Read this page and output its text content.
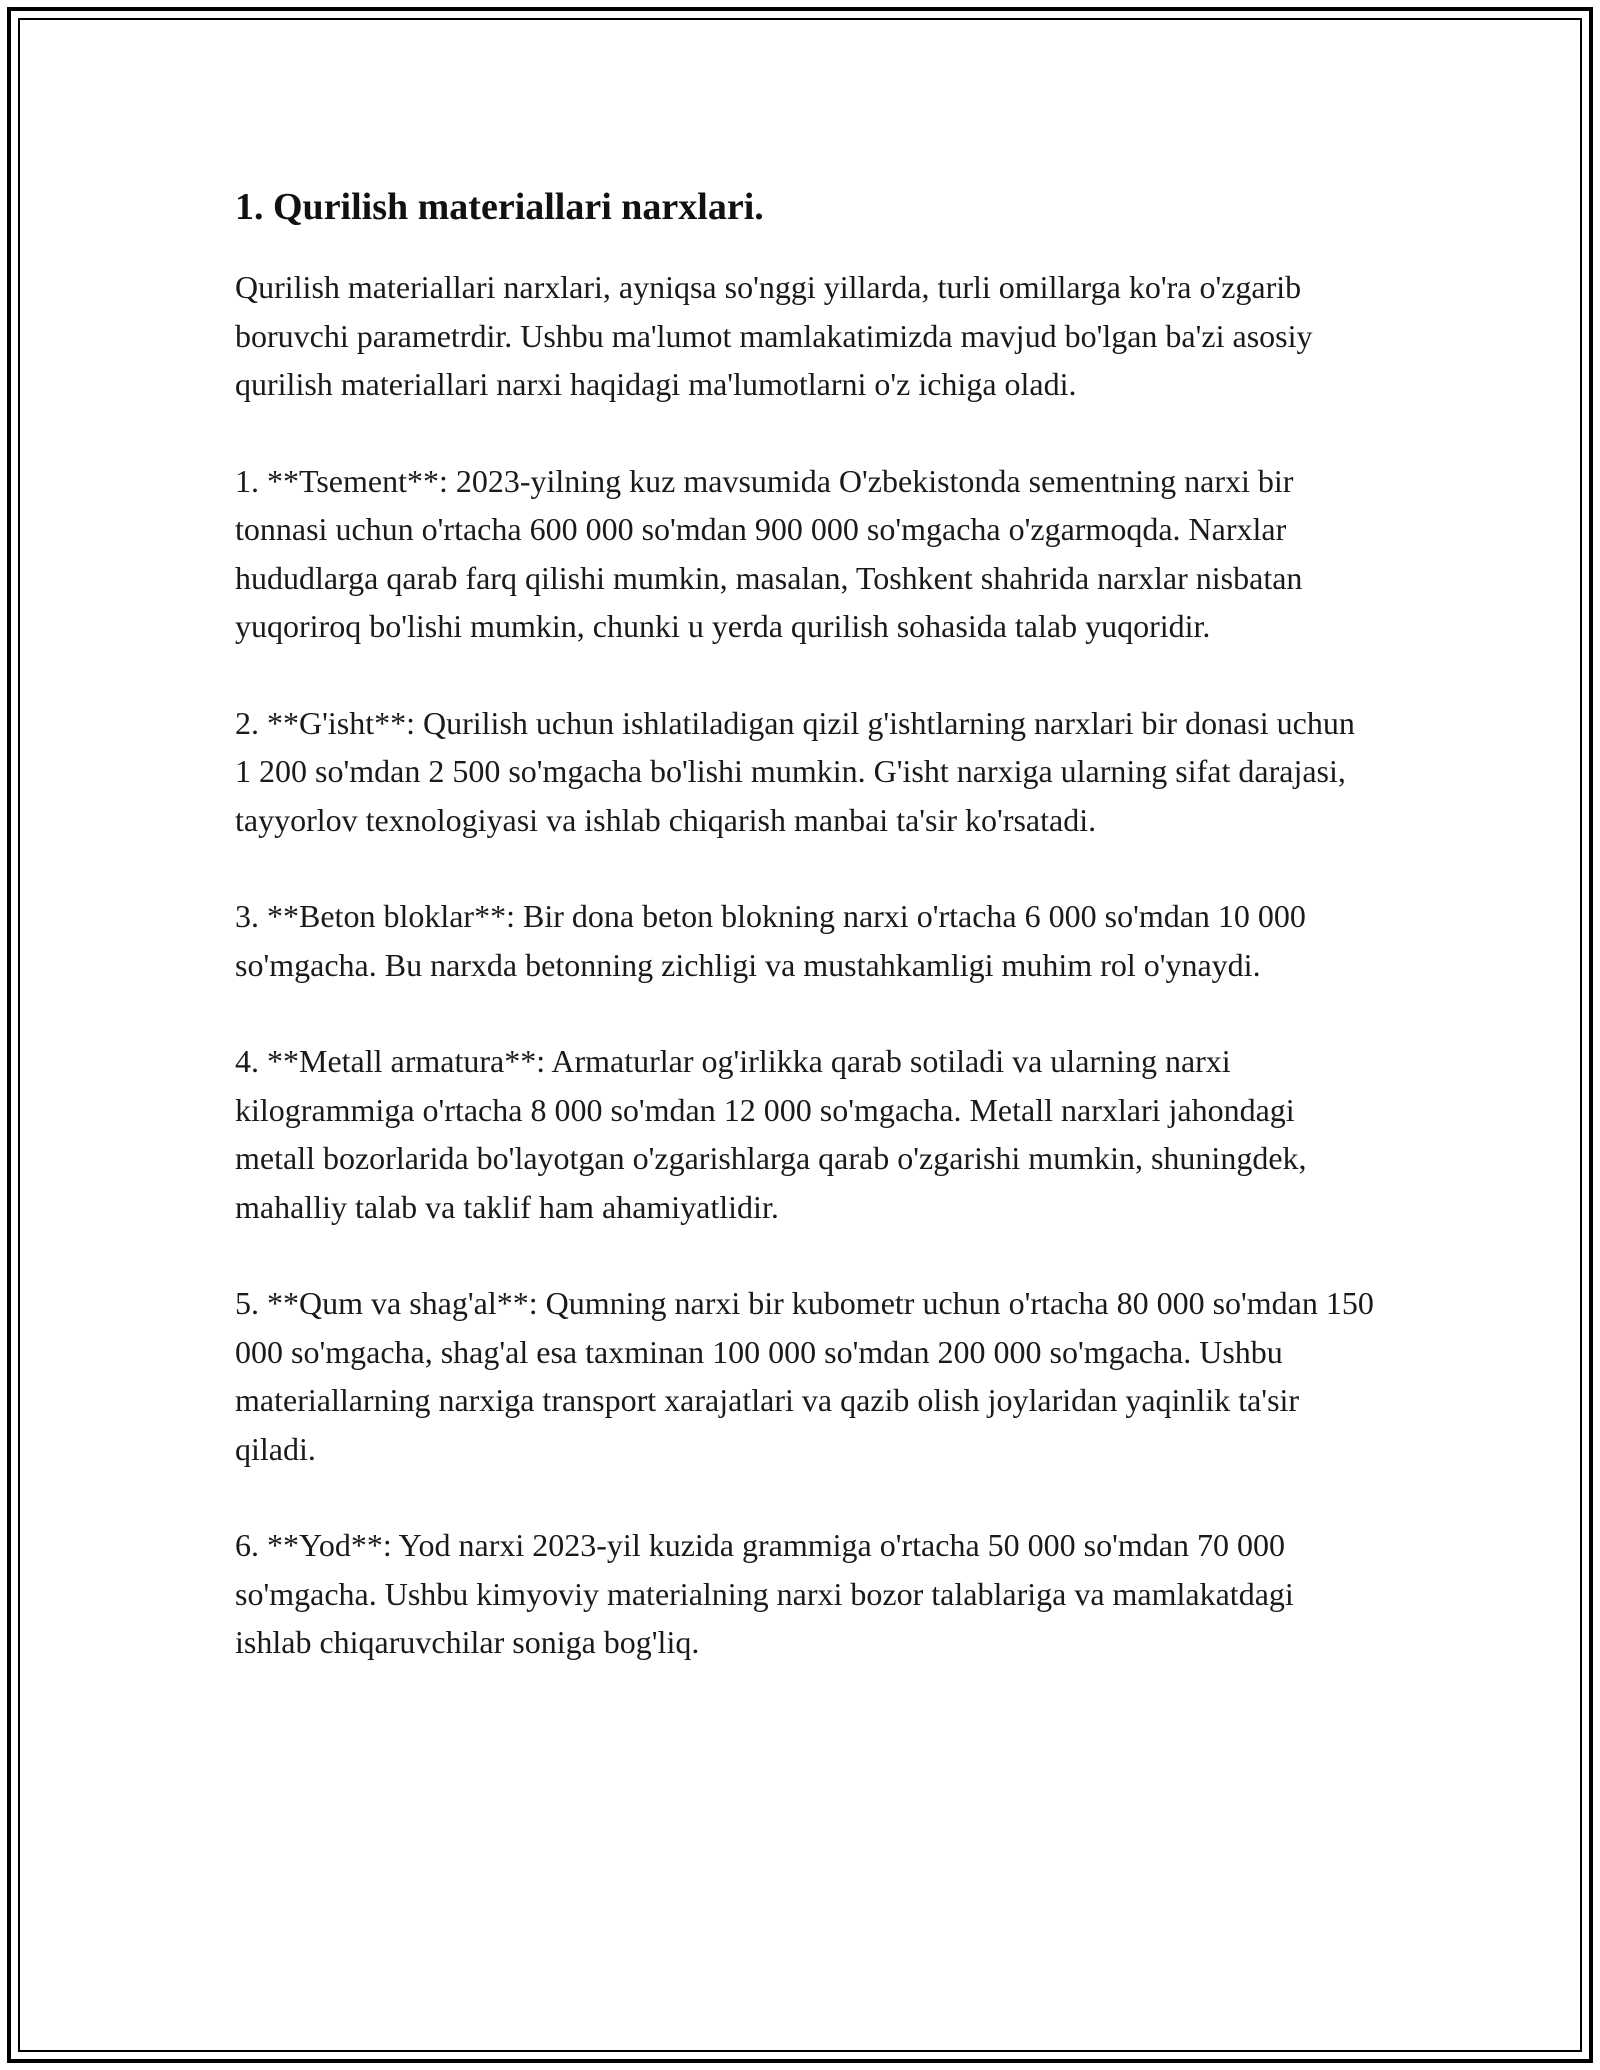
1. Qurilish materiallari narxlari.

Qurilish materiallari narxlari, ayniqsa so'nggi yillarda, turli omillarga ko'ra o'zgarib boruvchi parametrdir. Ushbu ma'lumot mamlakatimizda mavjud bo'lgan ba'zi asosiy qurilish materiallari narxi haqidagi ma'lumotlarni o'z ichiga oladi.

1. **Tsement**: 2023-yilning kuz mavsumida O'zbekistonda sementning narxi bir tonnasi uchun o'rtacha 600 000 so'mdan 900 000 so'mgacha o'zgarmoqda. Narxlar hududlarga qarab farq qilishi mumkin, masalan, Toshkent shahrida narxlar nisbatan yuqoriroq bo'lishi mumkin, chunki u yerda qurilish sohasida talab yuqoridir.

2. **G'isht**: Qurilish uchun ishlatiladigan qizil g'ishtlarning narxlari bir donasi uchun 1 200 so'mdan 2 500 so'mgacha bo'lishi mumkin. G'isht narxiga ularning sifat darajasi, tayyorlov texnologiyasi va ishlab chiqarish manbai ta'sir ko'rsatadi.

3. **Beton bloklar**: Bir dona beton blokning narxi o'rtacha 6 000 so'mdan 10 000 so'mgacha. Bu narxda betonning zichligi va mustahkamligi muhim rol o'ynaydi.

4. **Metall armatura**: Armaturlar og'irlikka qarab sotiladi va ularning narxi kilogrammiga o'rtacha 8 000 so'mdan 12 000 so'mgacha. Metall narxlari jahondagi metall bozorlarida bo'layotgan o'zgarishlarga qarab o'zgarishi mumkin, shuningdek, mahalliy talab va taklif ham ahamiyatlidir.

5. **Qum va shag'al**: Qumning narxi bir kubometr uchun o'rtacha 80 000 so'mdan 150 000 so'mgacha, shag'al esa taxminan 100 000 so'mdan 200 000 so'mgacha. Ushbu materiallarning narxiga transport xarajatlari va qazib olish joylaridan yaqinlik ta'sir qiladi.

6. **Yod**: Yod narxi 2023-yil kuzida grammiga o'rtacha 50 000 so'mdan 70 000 so'mgacha. Ushbu kimyoviy materialning narxi bozor talablariga va mamlakatdagi ishlab chiqaruvchilar soniga bog'liq.
